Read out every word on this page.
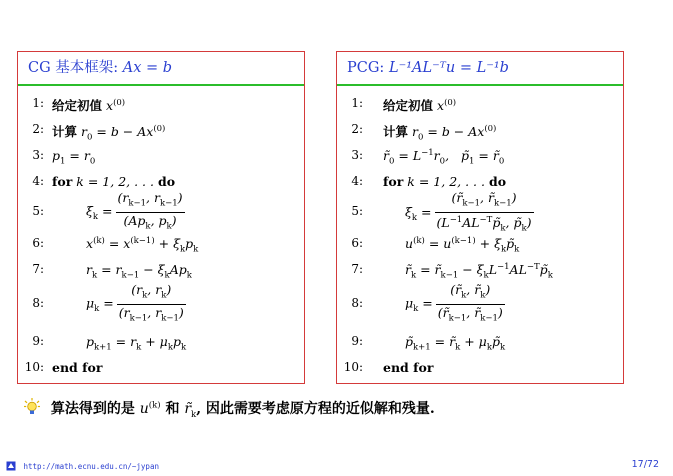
CG 基本框架: Ax = b
1: 给定初值 $x^{(0)}$
2: 计算 $r_0 = b - Ax^{(0)}$
3: $p_1 = r_0$
4: for k = 1, 2, . . . do
5:	$\xi_k = \frac{(r_{k-1}, r_{k-1})}{(Ap_k, p_k)}$
6:	$x^{(k)} = x^{(k-1)} + \xi_kp_k$
7:	$r_k = r_{k-1} - \xi_kAp_k$
8:	$\mu_k = \frac{(r_k, r_k)}{(r_{k-1}, r_{k-1})}$
9:	$p_{k+1} = r_k + \mu_kp_k$
10: end for
PCG: L⁻¹AL⁻ᵀu = L⁻¹b
1: 给定初值 $x^{(0)}$
2: 计算 $r_0 = b - Ax^{(0)}$
3: $r̃_0 = L^{-1}r_0$,   $p̃_1$ = $r̃_0$
4: for k = 1, 2, . . . do
5:	$\xi_k = \frac{(r̃_{k-1}, r̃_{k-1})}{(L^{-1}AL^{-T}p̃_k, p̃_k)}$
6:	$u^{(k)} = u^{(k-1)}$ + $\xi_kp̃_k$
7:	$r̃_k$ = $r̃_{k-1}$ − $\xi_kL^{-1}AL^{-T}p̃_k$
8:	$\mu_k = \frac{(r̃_k, r̃_k)}{(r̃_{k-1}, r̃_{k-1})}$
9:	$p̃_{k+1}$ = $r̃_k$ + $\mu_kp̃_k$
10: end for
算法得到的是 $u^{(k)}$ 和 $r̃_k$, 因此需要考虑原方程的近似解和残量.
http://math.ecnu.edu.cn/~jypan	17/72
